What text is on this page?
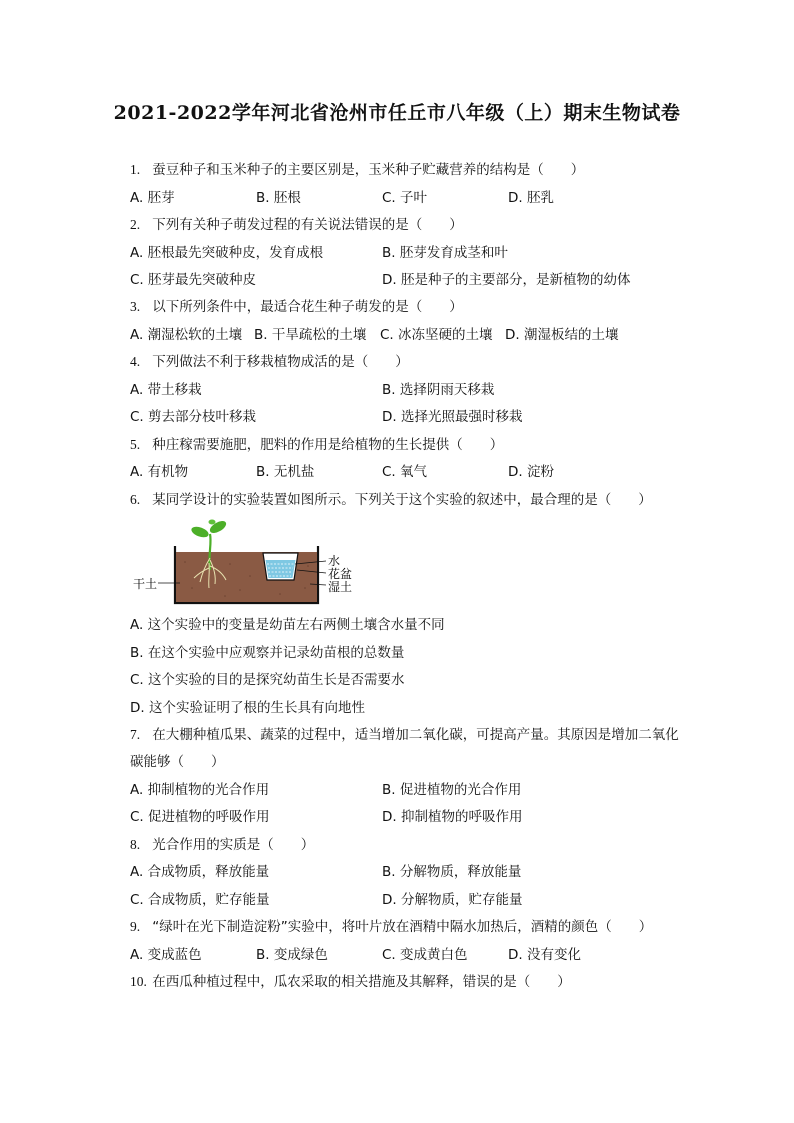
2021-2022学年河北省沧州市任丘市八年级（上）期末生物试卷
1. 蚕豆种子和玉米种子的主要区别是，玉米种子贮藏营养的结构是（　　）
A. 胚芽	B. 胚根	C. 子叶	D. 胚乳
2. 下列有关种子萌发过程的有关说法错误的是（　　）
A. 胚根最先突破种皮，发育成根	B. 胚芽发育成茎和叶
C. 胚芽最先突破种皮	D. 胚是种子的主要部分，是新植物的幼体
3. 以下所列条件中，最适合花生种子萌发的是（　　）
A. 潮湿松软的土壤 B. 干旱疏松的土壤 C. 冰冻坚硬的土壤 D. 潮湿板结的土壤
4. 下列做法不利于移栽植物成活的是（　　）
A. 带土移栽	B. 选择阴雨天移栽
C. 剪去部分枝叶移栽	D. 选择光照最强时移栽
5. 种庄稼需要施肥，肥料的作用是给植物的生长提供（　　）
A. 有机物	B. 无机盐	C. 氧气	D. 淀粉
6. 某同学设计的实验装置如图所示。下列关于这个实验的叙述中，最合理的是（　　）
水
花盆
湿土
干土
A. 这个实验中的变量是幼苗左右两侧土壤含水量不同
B. 在这个实验中应观察并记录幼苗根的总数量
C. 这个实验的目的是探究幼苗生长是否需要水
D. 这个实验证明了根的生长具有向地性
7. 在大棚种植瓜果、蔬菜的过程中，适当增加二氧化碳，可提高产量。其原因是增加二氧化
碳能够（　　）
A. 抑制植物的光合作用	B. 促进植物的光合作用
C. 促进植物的呼吸作用	D. 抑制植物的呼吸作用
8. 光合作用的实质是（　　）
A. 合成物质，释放能量	B. 分解物质，释放能量
C. 合成物质，贮存能量	D. 分解物质，贮存能量
9. “绿叶在光下制造淀粉”实验中，将叶片放在酒精中隔水加热后，酒精的颜色（　　）
A. 变成蓝色	B. 变成绿色	C. 变成黄白色	D. 没有变化
10. 在西瓜种植过程中，瓜农采取的相关措施及其解释，错误的是（　　）
